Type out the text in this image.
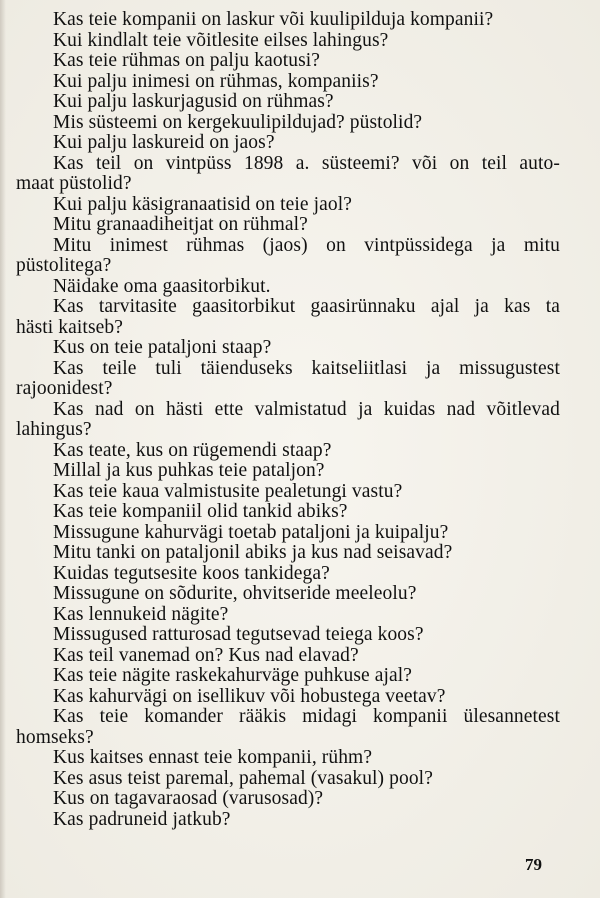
Kas teie kompanii on laskur või kuulipilduja kompanii?
Kui kindlalt teie võitlesite eilses lahingus?
Kas teie rühmas on palju kaotusi?
Kui palju inimesi on rühmas, kompaniis?
Kui palju laskurjagusid on rühmas?
Mis süsteemi on kergekuulipildujad? püstolid?
Kui palju laskureid on jaos?
Kas teil on vintpüss 1898 a. süsteemi? või on teil auto-
maat püstolid?
Kui palju käsigranaatisid on teie jaol?
Mitu granaadiheitjat on rühmal?
Mitu inimest rühmas (jaos) on vintpüssidega ja mitu
püstolitega?
Näidake oma gaasitorbikut.
Kas tarvitasite gaasitorbikut gaasirünnaku ajal ja kas ta
hästi kaitseb?
Kus on teie pataljoni staap?
Kas teile tuli täienduseks kaitseliitlasi ja missugustest
rajoonidest?
Kas nad on hästi ette valmistatud ja kuidas nad võitlevad
lahingus?
Kas teate, kus on rügemendi staap?
Millal ja kus puhkas teie pataljon?
Kas teie kaua valmistusite pealetungi vastu?
Kas teie kompaniil olid tankid abiks?
Missugune kahurvägi toetab pataljoni ja kuipalju?
Mitu tanki on pataljonil abiks ja kus nad seisavad?
Kuidas tegutsesite koos tankidega?
Missugune on sõdurite, ohvitseride meeleolu?
Kas lennukeid nägite?
Missugused ratturosad tegutsevad teiega koos?
Kas teil vanemad on? Kus nad elavad?
Kas teie nägite raskekahurväge puhkuse ajal?
Kas kahurvägi on isellikuv või hobustega veetav?
Kas teie komander rääkis midagi kompanii ülesannetest
homseks?
Kus kaitses ennast teie kompanii, rühm?
Kes asus teist paremal, pahemal (vasakul) pool?
Kus on tagavaraosad (varusosad)?
Kas padruneid jatkub?
79
